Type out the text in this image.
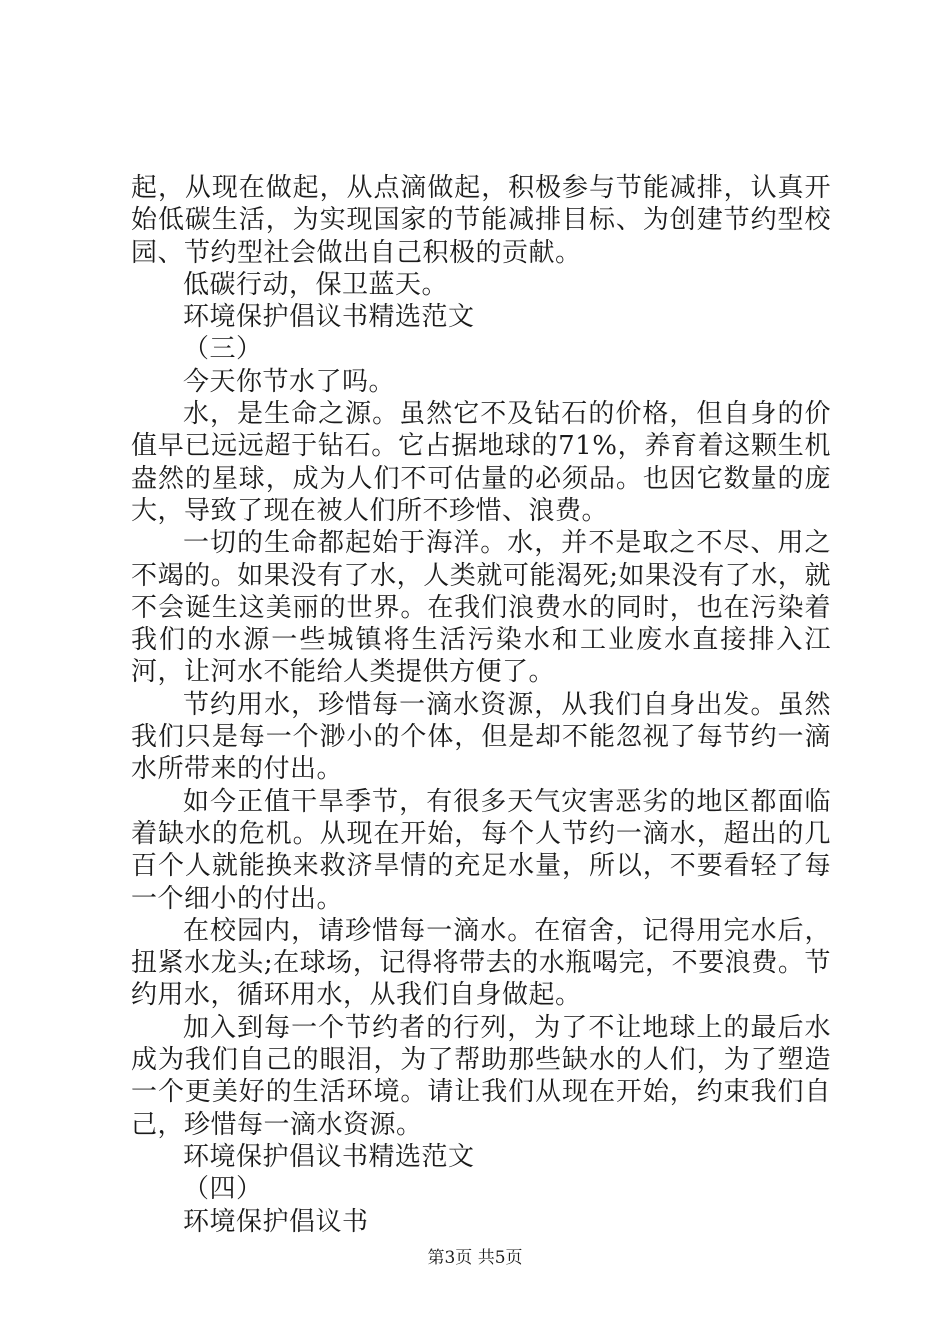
起，从现在做起，从点滴做起，积极参与节能减排，认真开始低碳生活，为实现国家的节能减排目标、为创建节约型校园、节约型社会做出自己积极的贡献。

低碳行动，保卫蓝天。

环境保护倡议书精选范文

（三）

今天你节水了吗。

水，是生命之源。虽然它不及钻石的价格，但自身的价值早已远远超于钻石。它占据地球的71%，养育着这颗生机盎然的星球，成为人们不可估量的必须品。也因它数量的庞大，导致了现在被人们所不珍惜、浪费。

一切的生命都起始于海洋。水，并不是取之不尽、用之不竭的。如果没有了水，人类就可能渴死;如果没有了水，就不会诞生这美丽的世界。在我们浪费水的同时，也在污染着我们的水源一些城镇将生活污染水和工业废水直接排入江河，让河水不能给人类提供方便了。

节约用水，珍惜每一滴水资源，从我们自身出发。虽然我们只是每一个渺小的个体，但是却不能忽视了每节约一滴水所带来的付出。

如今正值干旱季节，有很多天气灾害恶劣的地区都面临着缺水的危机。从现在开始，每个人节约一滴水，超出的几百个人就能换来救济旱情的充足水量，所以，不要看轻了每一个细小的付出。

在校园内，请珍惜每一滴水。在宿舍，记得用完水后，扭紧水龙头;在球场，记得将带去的水瓶喝完，不要浪费。节约用水，循环用水，从我们自身做起。

加入到每一个节约者的行列，为了不让地球上的最后水成为我们自己的眼泪，为了帮助那些缺水的人们，为了塑造一个更美好的生活环境。请让我们从现在开始，约束我们自己，珍惜每一滴水资源。

环境保护倡议书精选范文

（四）

环境保护倡议书

第3页 共5页
